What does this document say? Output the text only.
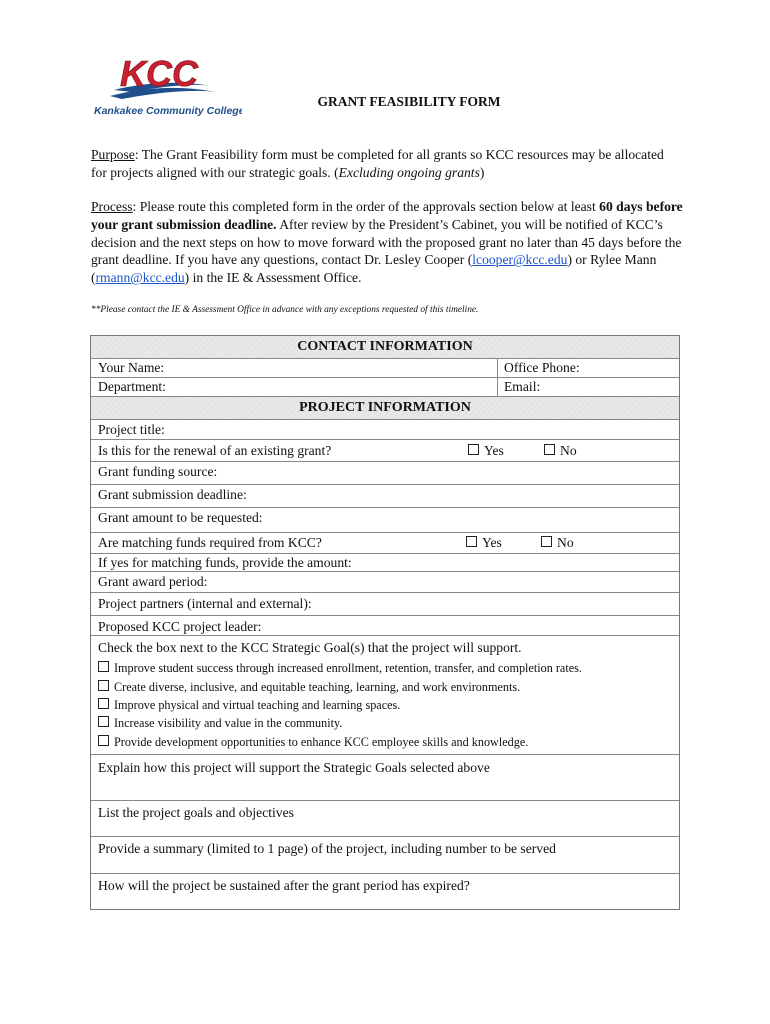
KCC
Kankakee Community College
GRANT FEASIBILITY FORM
Purpose: The Grant Feasibility form must be completed for all grants so KCC resources may be allocated for projects aligned with our strategic goals. (Excluding ongoing grants)
Process: Please route this completed form in the order of the approvals section below at least 60 days before your grant submission deadline. After review by the President’s Cabinet, you will be notified of KCC’s decision and the next steps on how to move forward with the proposed grant no later than 45 days before the grant deadline. If you have any questions, contact Dr. Lesley Cooper (lcooper@kcc.edu) or Rylee Mann (rmann@kcc.edu) in the IE & Assessment Office.
**Please contact the IE & Assessment Office in advance with any exceptions requested of this timeline.
CONTACT INFORMATION
Your Name:	Office Phone:
Department:	Email:
PROJECT INFORMATION
Project title:
Is this for the renewal of an existing grant?	Yes	No
Grant funding source:
Grant submission deadline:
Grant amount to be requested:
Are matching funds required from KCC?	Yes	No
If yes for matching funds, provide the amount:
Grant award period:
Project partners (internal and external):
Proposed KCC project leader:
Check the box next to the KCC Strategic Goal(s) that the project will support.
Improve student success through increased enrollment, retention, transfer, and completion rates.
Create diverse, inclusive, and equitable teaching, learning, and work environments.
Improve physical and virtual teaching and learning spaces.
Increase visibility and value in the community.
Provide development opportunities to enhance KCC employee skills and knowledge.
Explain how this project will support the Strategic Goals selected above
List the project goals and objectives
Provide a summary (limited to 1 page) of the project, including number to be served
How will the project be sustained after the grant period has expired?
